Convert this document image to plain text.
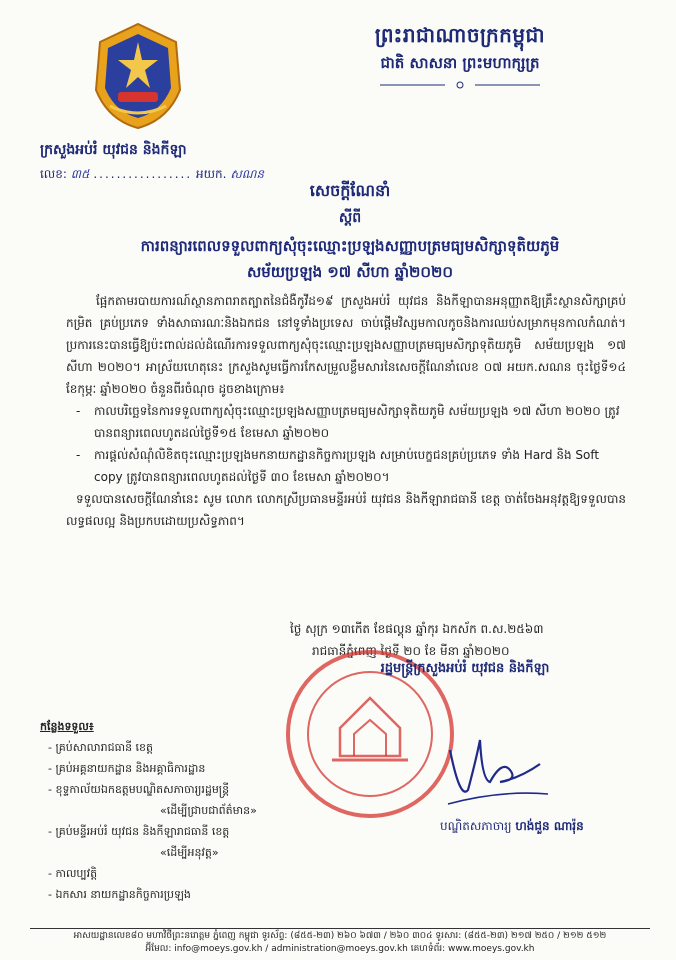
ព្រះរាជាណាចក្រកម្ពុជា
ជាតិ សាសនា ព្រះមហាក្សត្រ
ក្រសួងអប់រំ យុវជន និងកីឡា
លេខ: ៣៥ ................. អយក. សណន
សេចក្តីណែនាំ
ស្តីពី
ការពន្យារពេលទទួលពាក្យសុំចុះឈ្មោះប្រឡងសញ្ញាបត្រមធ្យមសិក្សាទុតិយភូមិ
សម័យប្រឡង ១៧ សីហា ឆ្នាំ២០២០

ផ្អែកតាមរបាយការណ៍ស្ថានភាពរាតត្បាតនៃជំងឺកូវីដ១៩ ក្រសួងអប់រំ យុវជន និងកីឡាបានអនុញ្ញាតឱ្យគ្រឹះស្ថានសិក្សាគ្រប់កម្រិត គ្រប់ប្រភេទ ទាំងសាធារណៈនិងឯកជន នៅទូទាំងប្រទេស ចាប់ផ្តើមវិស្សមកាលកូចនិងការឈប់សម្រាកមុនកាលកំណត់។ ប្រការនេះបានធ្វើឱ្យប៉ះពាល់ដល់ដំណើរការទទួលពាក្យសុំចុះឈ្មោះប្រឡងសញ្ញាបត្រមធ្យមសិក្សាទុតិយភូមិ សម័យប្រឡង ១៧ សីហា ២០២០។ អាស្រ័យហេតុនេះ ក្រសួងសូមធ្វើការកែសម្រួលខ្លឹមសារនៃសេចក្តីណែនាំលេខ ០៧ អយក.សណន ចុះថ្ងៃទី១៤ ខែកុម្ភៈ ឆ្នាំ២០២០ ចំនួនពីរចំណុច ដូចខាងក្រោម៖

- កាលបរិច្ឆេទនៃការទទួលពាក្យសុំចុះឈ្មោះប្រឡងសញ្ញាបត្រមធ្យមសិក្សាទុតិយភូមិ សម័យប្រឡង ១៧ សីហា ២០២០ ត្រូវបានពន្យារពេលហូតដល់ថ្ងៃទី១៥ ខែមេសា ឆ្នាំ២០២០
- ការផ្តល់សំណុំលិខិតចុះឈ្មោះប្រឡងមកនាយកដ្ឋានកិច្ចការប្រឡង សម្រាប់បេក្ខជនគ្រប់ប្រភេទ ទាំង Hard និង Soft copy ត្រូវបានពន្យារពេលហូតដល់ថ្ងៃទី ៣០ ខែមេសា ឆ្នាំ២០២០។

ទទួលបានសេចក្តីណែនាំនេះ សូម លោក លោកស្រីប្រធានមន្ទីរអប់រំ យុវជន និងកីឡារាជធានី ខេត្ត ចាត់ចែងអនុវត្តឱ្យទទួលបានលទ្ធផលល្អ និងប្រកបដោយប្រសិទ្ធភាព។

ថ្ងៃ សុក្រ ១៣កើត ខែផល្គុន ឆ្នាំកុរ ឯកស័ក ព.ស.២៥៦៣
រាជធានីភ្នំពេញ ថ្ងៃទី ២០ ខែ មីនា ឆ្នាំ២០២០
រដ្ឋមន្ត្រីក្រសួងអប់រំ យុវជន និងកីឡា
បណ្ឌិតសភាចារ្យ ហង់ជួន ណារ៉ុន
កន្លែងទទួល៖
- គ្រប់សាលារាជធានី ខេត្ត
- គ្រប់អគ្គនាយកដ្ឋាន និងអគ្គាធិការដ្ឋាន
- ខុទ្ទកាល័យឯកឧត្តមបណ្ឌិតសភាចារ្យរដ្ឋមន្ត្រី
«ដើម្បីជ្រាបជាព័ត៌មាន»
- គ្រប់មន្ទីរអប់រំ យុវជន និងកីឡារាជធានី ខេត្ត
«ដើម្បីអនុវត្ត»
- កាលប្បវត្តិ
- ឯកសារ នាយកដ្ឋានកិច្ចការប្រឡង
អាសយដ្ឋានលេខ៨០ មហាវិថីព្រះនរោត្តម ភ្នំពេញ កម្ពុជា ទូរស័ព្ទ: (៨៥៥-២៣) ២៦០ ៦៧៣ / ២៦០ ៣០៤ ទូរសារ: (៨៥៥-២៣) ២១៧ ២៥០ / ២១២ ៥១២
អ៊ីមែល: info@moeys.gov.kh / administration@moeys.gov.kh គេហទំព័រ: www.moeys.gov.kh
